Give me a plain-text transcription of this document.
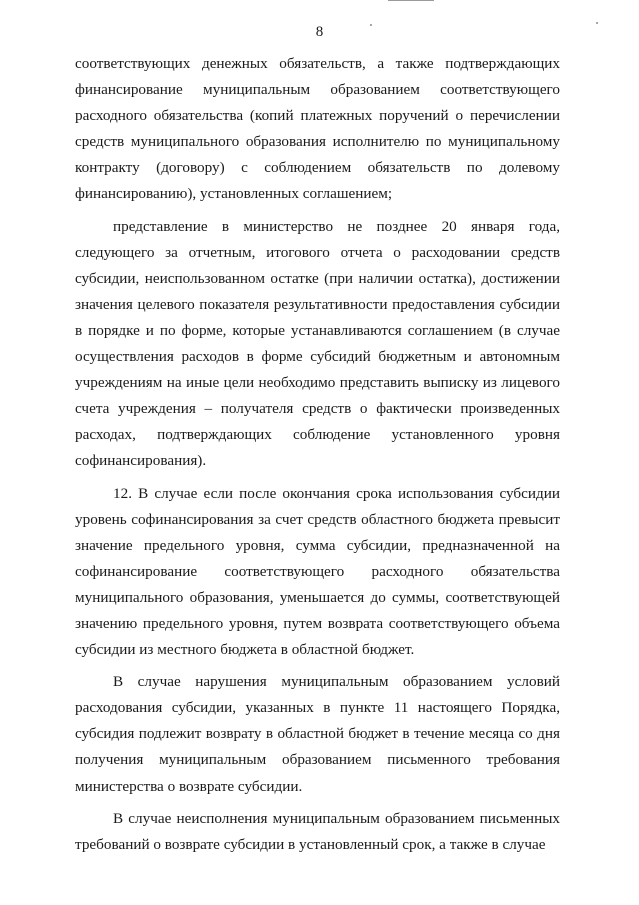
8

соответствующих денежных обязательств, а также подтверждающих финансирование муниципальным образованием соответствующего расходного обязательства (копий платежных поручений о перечислении средств муниципального образования исполнителю по муниципальному контракту (договору) с соблюдением обязательств по долевому финансированию), установленных соглашением;

представление в министерство не позднее 20 января года, следующего за отчетным, итогового отчета о расходовании средств субсидии, неиспользованном остатке (при наличии остатка), достижении значения целевого показателя результативности предоставления субсидии в порядке и по форме, которые устанавливаются соглашением (в случае осуществления расходов в форме субсидий бюджетным и автономным учреждениям на иные цели необходимо представить выписку из лицевого счета учреждения – получателя средств о фактически произведенных расходах, подтверждающих соблюдение установленного уровня софинансирования).

12. В случае если после окончания срока использования субсидии уровень софинансирования за счет средств областного бюджета превысит значение предельного уровня, сумма субсидии, предназначенной на софинансирование соответствующего расходного обязательства муниципального образования, уменьшается до суммы, соответствующей значению предельного уровня, путем возврата соответствующего объема субсидии из местного бюджета в областной бюджет.

В случае нарушения муниципальным образованием условий расходования субсидии, указанных в пункте 11 настоящего Порядка, субсидия подлежит возврату в областной бюджет в течение месяца со дня получения муниципальным образованием письменного требования министерства о возврате субсидии.

В случае неисполнения муниципальным образованием письменных требований о возврате субсидии в установленный срок, а также в случае
